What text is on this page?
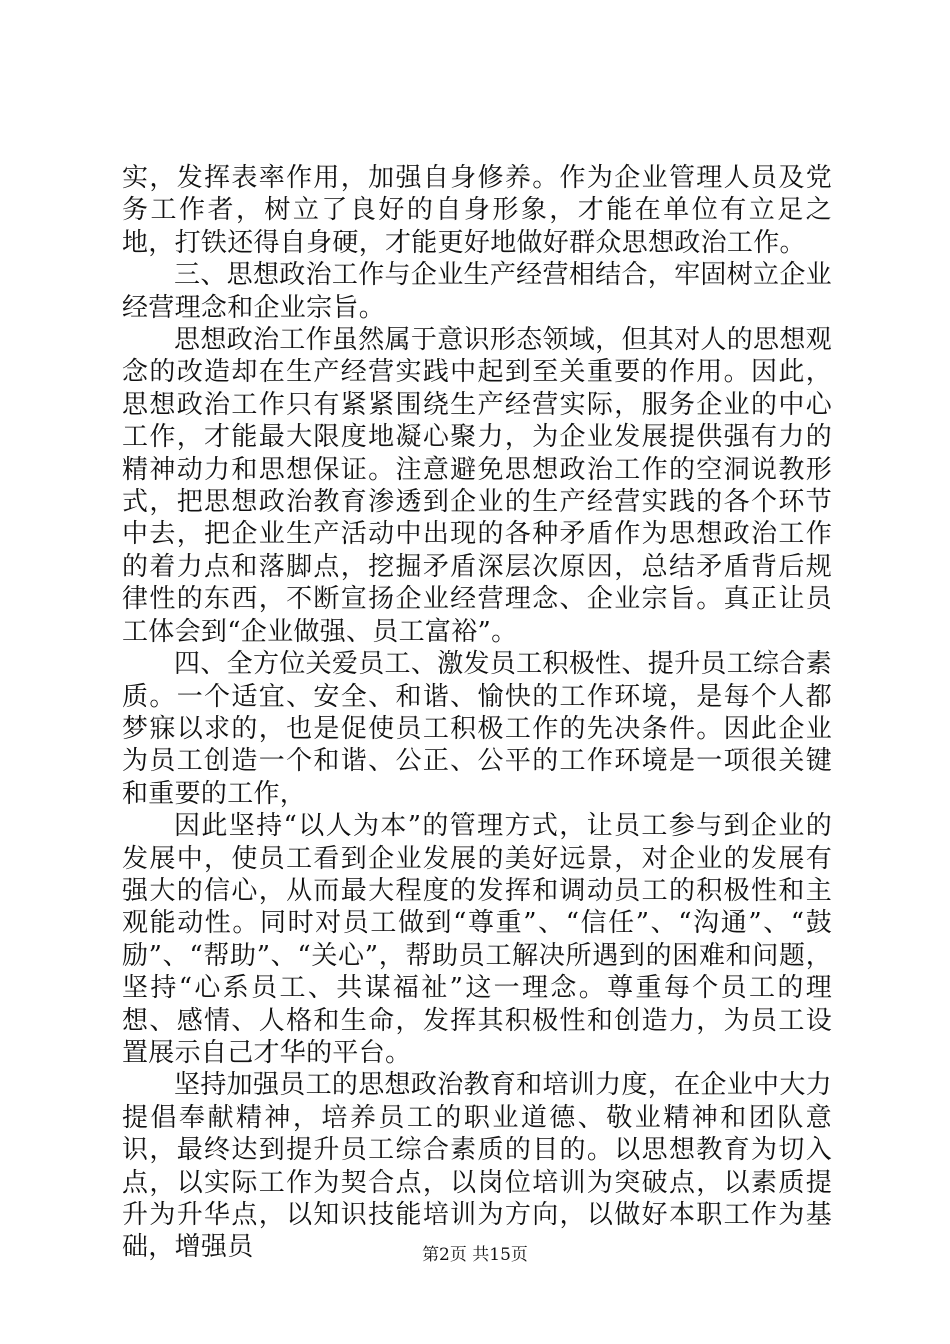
实，发挥表率作用，加强自身修养。作为企业管理人员及党务工作者，树立了良好的自身形象，才能在单位有立足之地，打铁还得自身硬，才能更好地做好群众思想政治工作。

三、思想政治工作与企业生产经营相结合，牢固树立企业经营理念和企业宗旨。

思想政治工作虽然属于意识形态领域，但其对人的思想观念的改造却在生产经营实践中起到至关重要的作用。因此，思想政治工作只有紧紧围绕生产经营实际，服务企业的中心工作，才能最大限度地凝心聚力，为企业发展提供强有力的精神动力和思想保证。注意避免思想政治工作的空洞说教形式，把思想政治教育渗透到企业的生产经营实践的各个环节中去，把企业生产活动中出现的各种矛盾作为思想政治工作的着力点和落脚点，挖掘矛盾深层次原因，总结矛盾背后规律性的东西，不断宣扬企业经营理念、企业宗旨。真正让员工体会到“企业做强、员工富裕”。

四、全方位关爱员工、激发员工积极性、提升员工综合素质。一个适宜、安全、和谐、愉快的工作环境，是每个人都梦寐以求的，也是促使员工积极工作的先决条件。因此企业为员工创造一个和谐、公正、公平的工作环境是一项很关键和重要的工作，

因此坚持“以人为本”的管理方式，让员工参与到企业的发展中，使员工看到企业发展的美好远景，对企业的发展有强大的信心，从而最大程度的发挥和调动员工的积极性和主观能动性。同时对员工做到“尊重”、“信任”、“沟通”、“鼓励”、“帮助”、“关心”，帮助员工解决所遇到的困难和问题，坚持“心系员工、共谋福祉”这一理念。尊重每个员工的理想、感情、人格和生命，发挥其积极性和创造力，为员工设置展示自己才华的平台。

坚持加强员工的思想政治教育和培训力度，在企业中大力提倡奉献精神，培养员工的职业道德、敬业精神和团队意识，最终达到提升员工综合素质的目的。以思想教育为切入点，以实际工作为契合点，以岗位培训为突破点，以素质提升为升华点，以知识技能培训为方向，以做好本职工作为基础，增强员	第2页 共15页
